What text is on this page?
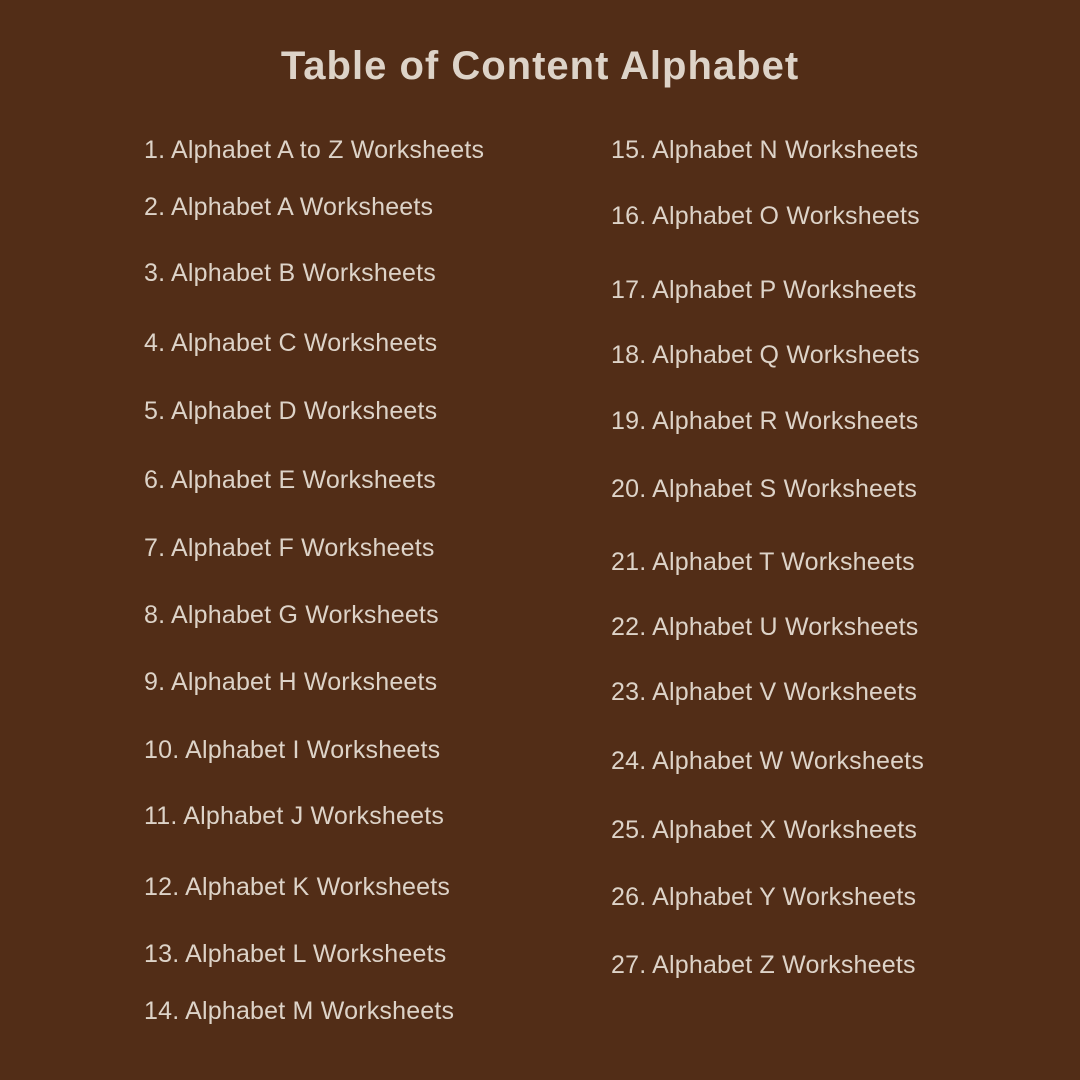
Table of Content Alphabet
1. Alphabet A to Z Worksheets
2. Alphabet A Worksheets
3. Alphabet B Worksheets
4. Alphabet C Worksheets
5. Alphabet D Worksheets
6. Alphabet E Worksheets
7. Alphabet F Worksheets
8. Alphabet G Worksheets
9. Alphabet H Worksheets
10. Alphabet I Worksheets
11. Alphabet J Worksheets
12. Alphabet K Worksheets
13. Alphabet L Worksheets
14. Alphabet M Worksheets
15. Alphabet N Worksheets
16. Alphabet O Worksheets
17. Alphabet P Worksheets
18. Alphabet Q Worksheets
19. Alphabet R Worksheets
20. Alphabet S Worksheets
21. Alphabet T Worksheets
22. Alphabet U Worksheets
23. Alphabet V Worksheets
24. Alphabet W Worksheets
25. Alphabet X Worksheets
26. Alphabet Y Worksheets
27. Alphabet Z Worksheets
